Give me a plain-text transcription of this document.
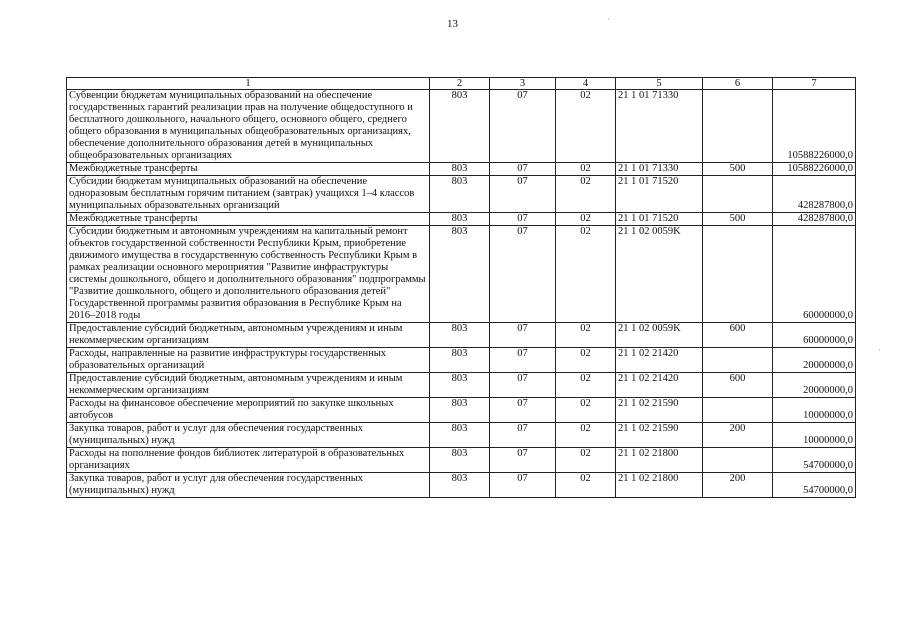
13
1	2	3	4	5	6	7
Субвенции бюджетам муниципальных образований на обеспечение государственных гарантий реализации прав на получение общедоступного и бесплатного дошкольного, начального общего, основного общего, среднего общего образования в муниципальных общеобразовательных организациях, обеспечение дополнительного образования детей в муниципальных общеобразовательных организациях	803	07	02	21 1 01 71330		10588226000,0
Межбюджетные трансферты	803	07	02	21 1 01 71330	500	10588226000,0
Субсидии бюджетам муниципальных образований на обеспечение одноразовым бесплатным горячим питанием (завтрак) учащихся 1–4 классов муниципальных образовательных организаций	803	07	02	21 1 01 71520		428287800,0
Межбюджетные трансферты	803	07	02	21 1 01 71520	500	428287800,0
Субсидии бюджетным и автономным учреждениям на капитальный ремонт объектов государственной собственности Республики Крым, приобретение движимого имущества в государственную собственность Республики Крым в рамках реализации основного мероприятия "Развитие инфраструктуры системы дошкольного, общего и дополнительного образования" подпрограммы "Развитие дошкольного, общего и дополнительного образования детей" Государственной программы развития образования в Республике Крым на 2016–2018 годы	803	07	02	21 1 02 0059K		60000000,0
Предоставление субсидий бюджетным, автономным учреждениям и иным некоммерческим организациям	803	07	02	21 1 02 0059K	600	60000000,0
Расходы, направленные на развитие инфраструктуры государственных образовательных организаций	803	07	02	21 1 02 21420		20000000,0
Предоставление субсидий бюджетным, автономным учреждениям и иным некоммерческим организациям	803	07	02	21 1 02 21420	600	20000000,0
Расходы на финансовое обеспечение мероприятий по закупке школьных автобусов	803	07	02	21 1 02 21590		10000000,0
Закупка товаров, работ и услуг для обеспечения государственных (муниципальных) нужд	803	07	02	21 1 02 21590	200	10000000,0
Расходы на пополнение фондов библиотек литературой в образовательных организациях	803	07	02	21 1 02 21800		54700000,0
Закупка товаров, работ и услуг для обеспечения государственных (муниципальных) нужд	803	07	02	21 1 02 21800	200	54700000,0
·
·
